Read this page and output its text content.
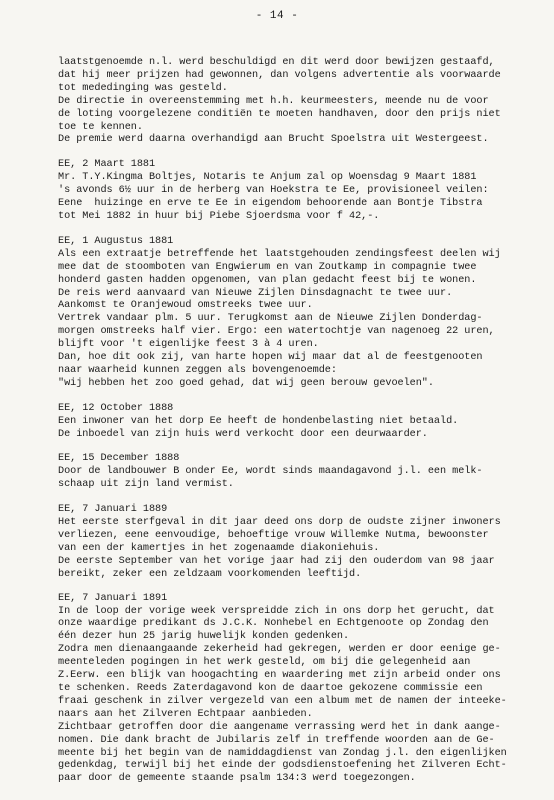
- 14 -
laatstgenoemde n.l. werd beschuldigd en dit werd door bewijzen gestaafd,
dat hij meer prijzen had gewonnen, dan volgens advertentie als voorwaarde
tot mededinging was gesteld.
De directie in overeenstemming met h.h. keurmeesters, meende nu de voor
de loting voorgelezene conditiën te moeten handhaven, door den prijs niet
toe te kennen.
De premie werd daarna overhandigd aan Brucht Spoelstra uit Westergeest.
EE, 2 Maart 1881
Mr. T.Y.Kingma Boltjes, Notaris te Anjum zal op Woensdag 9 Maart 1881
's avonds 6½ uur in de herberg van Hoekstra te Ee, provisioneel veilen:
Eene  huizinge en erve te Ee in eigendom behoorende aan Bontje Tibstra
tot Mei 1882 in huur bij Piebe Sjoerdsma voor f 42,-.
EE, 1 Augustus 1881
Als een extraatje betreffende het laatstgehouden zendingsfeest deelen wij
mee dat de stoomboten van Engwierum en van Zoutkamp in compagnie twee
honderd gasten hadden opgenomen, van plan gedacht feest bij te wonen.
De reis werd aanvaard van Nieuwe Zijlen Dinsdagnacht te twee uur.
Aankomst te Oranjewoud omstreeks twee uur.
Vertrek vandaar plm. 5 uur. Terugkomst aan de Nieuwe Zijlen Donderdag-
morgen omstreeks half vier. Ergo: een watertochtje van nagenoeg 22 uren,
blijft voor 't eigenlijke feest 3 à 4 uren.
Dan, hoe dit ook zij, van harte hopen wij maar dat al de feestgenooten
naar waarheid kunnen zeggen als bovengenoemde:
"wij hebben het zoo goed gehad, dat wij geen berouw gevoelen".
EE, 12 October 1888
Een inwoner van het dorp Ee heeft de hondenbelasting niet betaald.
De inboedel van zijn huis werd verkocht door een deurwaarder.
EE, 15 December 1888
Door de landbouwer B onder Ee, wordt sinds maandagavond j.l. een melk-
schaap uit zijn land vermist.
EE, 7 Januari 1889
Het eerste sterfgeval in dit jaar deed ons dorp de oudste zijner inwoners
verliezen, eene eenvoudige, behoeftige vrouw Willemke Nutma, bewoonster
van een der kamertjes in het zogenaamde diakoniehuis.
De eerste September van het vorige jaar had zij den ouderdom van 98 jaar
bereikt, zeker een zeldzaam voorkomenden leeftijd.
EE, 7 Januari 1891
In de loop der vorige week verspreidde zich in ons dorp het gerucht, dat
onze waardige predikant ds J.C.K. Nonhebel en Echtgenoote op Zondag den
één dezer hun 25 jarig huwelijk konden gedenken.
Zodra men dienaangaande zekerheid had gekregen, werden er door eenige ge-
meenteleden pogingen in het werk gesteld, om bij die gelegenheid aan
Z.Eerw. een blijk van hoogachting en waardering met zijn arbeid onder ons
te schenken. Reeds Zaterdagavond kon de daartoe gekozene commissie een
fraai geschenk in zilver vergezeld van een album met de namen der inteeke-
naars aan het Zilveren Echtpaar aanbieden.
Zichtbaar getroffen door die aangename verrassing werd het in dank aange-
nomen. Die dank bracht de Jubilaris zelf in treffende woorden aan de Ge-
meente bij het begin van de namiddagdienst van Zondag j.l. den eigenlijken
gedenkdag, terwijl bij het einde der godsdienstoefening het Zilveren Echt-
paar door de gemeente staande psalm 134:3 werd toegezongen.
